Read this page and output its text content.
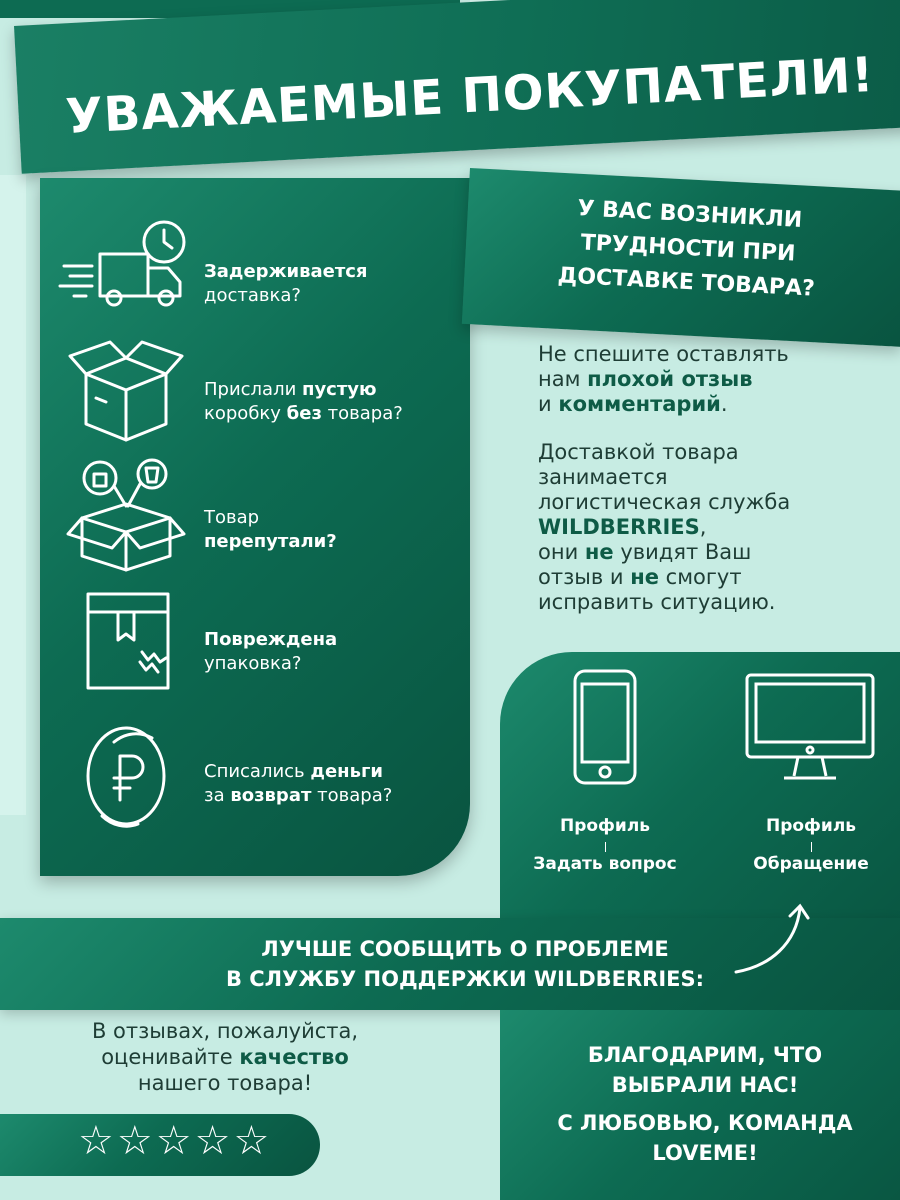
УВАЖАЕМЫЕ ПОКУПАТЕЛИ!
Задерживается
доставка?
Прислали пустую
коробку без товара?
Товар
перепутали?
Повреждена
упаковка?
Списались деньги
за возврат товара?
У ВАС ВОЗНИКЛИ
ТРУДНОСТИ ПРИ
ДОСТАВКЕ ТОВАРА?
Не спешите оставлять
нам плохой отзыв
и комментарий.
Доставкой товара
занимается
логистическая служба
WILDBERRIES,
они не увидят Ваш
отзыв и не смогут
исправить ситуацию.
Профиль
Задать вопрос
Профиль
Обращение
ЛУЧШЕ СООБЩИТЬ О ПРОБЛЕМЕ
В СЛУЖБУ ПОДДЕРЖКИ WILDBERRIES:
В отзывах, пожалуйста,
оценивайте качество
нашего товара!
☆☆☆☆☆
БЛАГОДАРИМ, ЧТО
ВЫБРАЛИ НАС!
С ЛЮБОВЬЮ, КОМАНДА
LOVEME!
